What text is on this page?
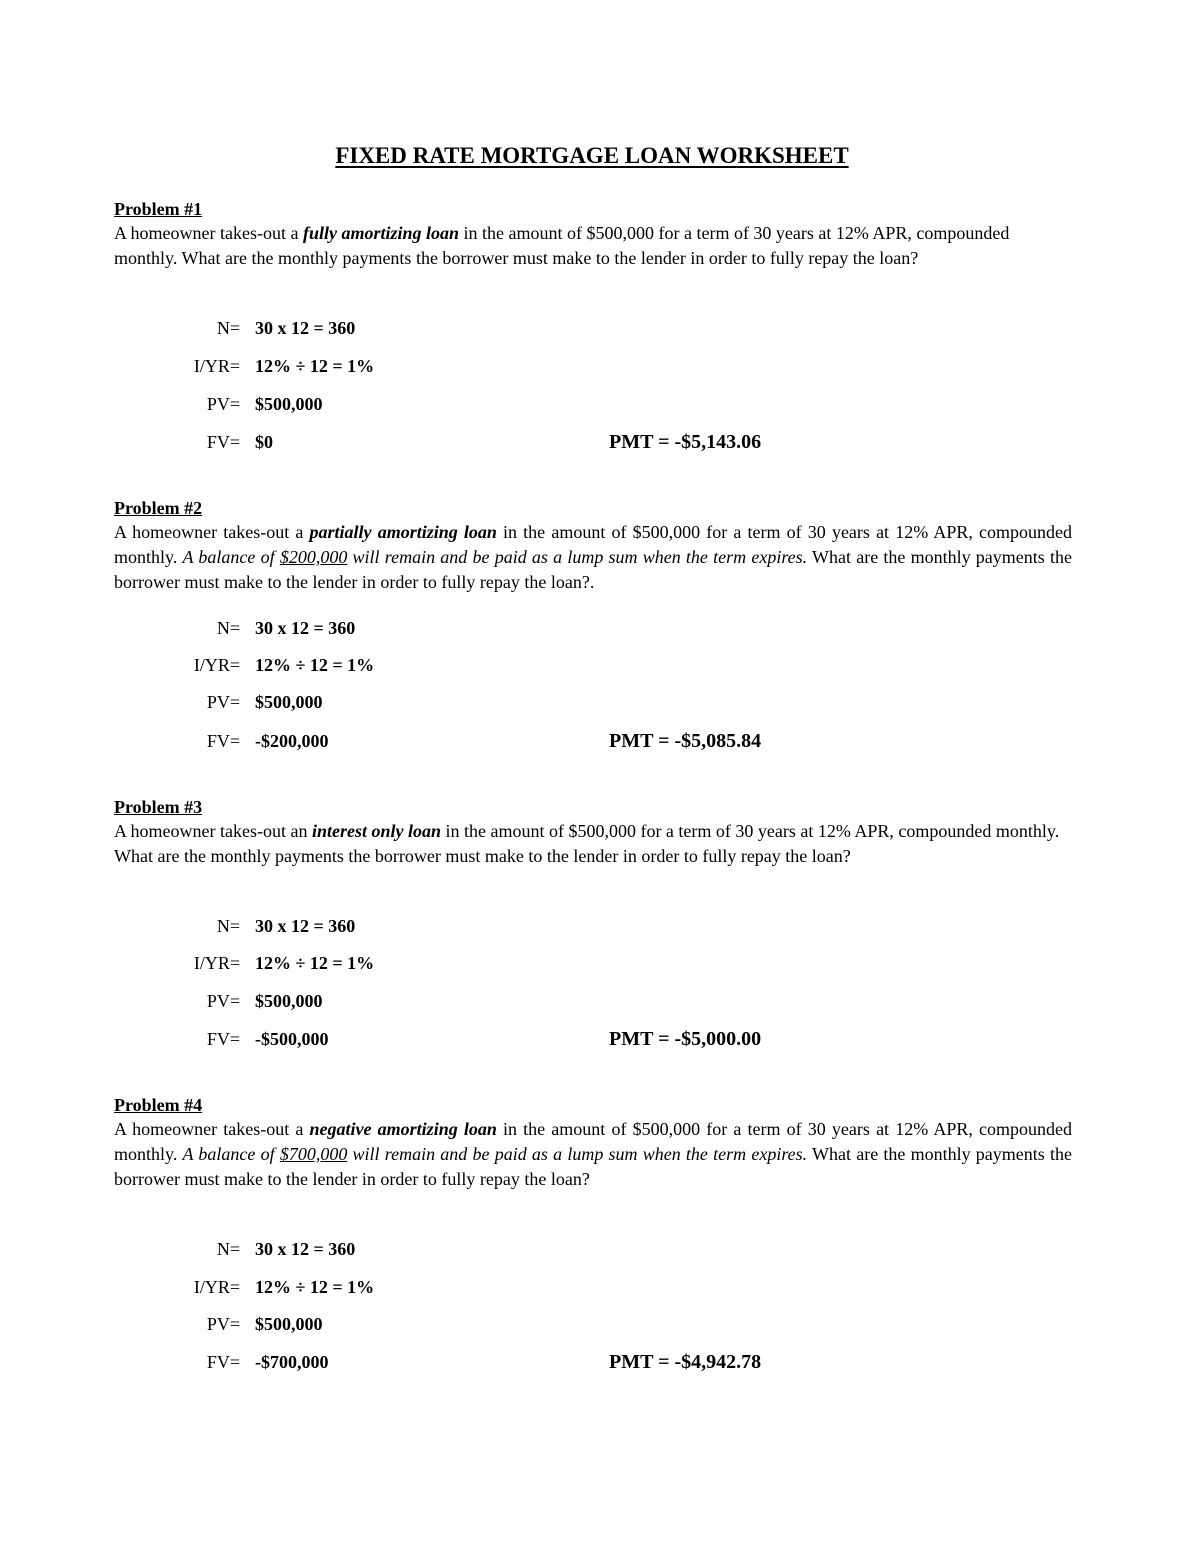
FIXED RATE MORTGAGE LOAN WORKSHEET
Problem #1

A homeowner takes-out a fully amortizing loan in the amount of $500,000 for a term of 30 years at 12% APR, compounded monthly. What are the monthly payments the borrower must make to the lender in order to fully repay the loan?

N= 30 x 12 = 360
I/YR= 12% ÷ 12 = 1%
PV= $500,000
FV= $0	PMT = -$5,143.06
Problem #2

A homeowner takes-out a partially amortizing loan in the amount of $500,000 for a term of 30 years at 12% APR, compounded monthly. A balance of $200,000 will remain and be paid as a lump sum when the term expires. What are the monthly payments the borrower must make to the lender in order to fully repay the loan?.

N= 30 x 12 = 360
I/YR= 12% ÷ 12 = 1%
PV= $500,000
FV= -$200,000	PMT = -$5,085.84
Problem #3

A homeowner takes-out an interest only loan in the amount of $500,000 for a term of 30 years at 12% APR, compounded monthly. What are the monthly payments the borrower must make to the lender in order to fully repay the loan?

N= 30 x 12 = 360
I/YR= 12% ÷ 12 = 1%
PV= $500,000
FV= -$500,000	PMT = -$5,000.00
Problem #4

A homeowner takes-out a negative amortizing loan in the amount of $500,000 for a term of 30 years at 12% APR, compounded monthly. A balance of $700,000 will remain and be paid as a lump sum when the term expires. What are the monthly payments the borrower must make to the lender in order to fully repay the loan?

N= 30 x 12 = 360
I/YR= 12% ÷ 12 = 1%
PV= $500,000
FV= -$700,000	PMT = -$4,942.78
